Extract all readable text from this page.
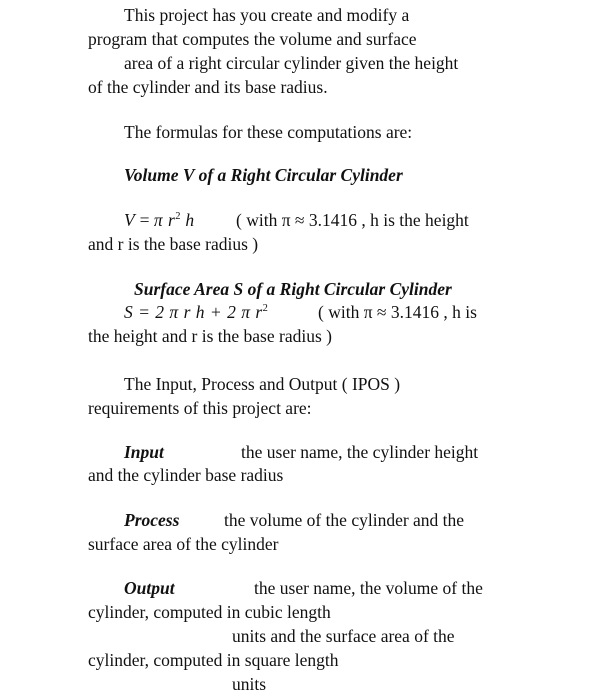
This project has you create and modify a
program that computes the volume and surface
area of a right circular cylinder given the height
of the cylinder and its base radius.
The formulas for these computations are:
Volume V of a Right Circular Cylinder
V = π $r^2$ h ( with π ≈ 3.1416 , h is the height
and r is the base radius )
Surface Area S of a Right Circular Cylinder
S = 2 π r h + 2 π $r^2$	( with π ≈ 3.1416 , h is
the height and r is the base radius )
The Input, Process and Output ( IPOS )
requirements of this project are:
Input	the user name, the cylinder height
and the cylinder base radius
Process	the volume of the cylinder and the
surface area of the cylinder
Output	the user name, the volume of the
cylinder, computed in cubic length
units and the surface area of the
cylinder, computed in square length
units
